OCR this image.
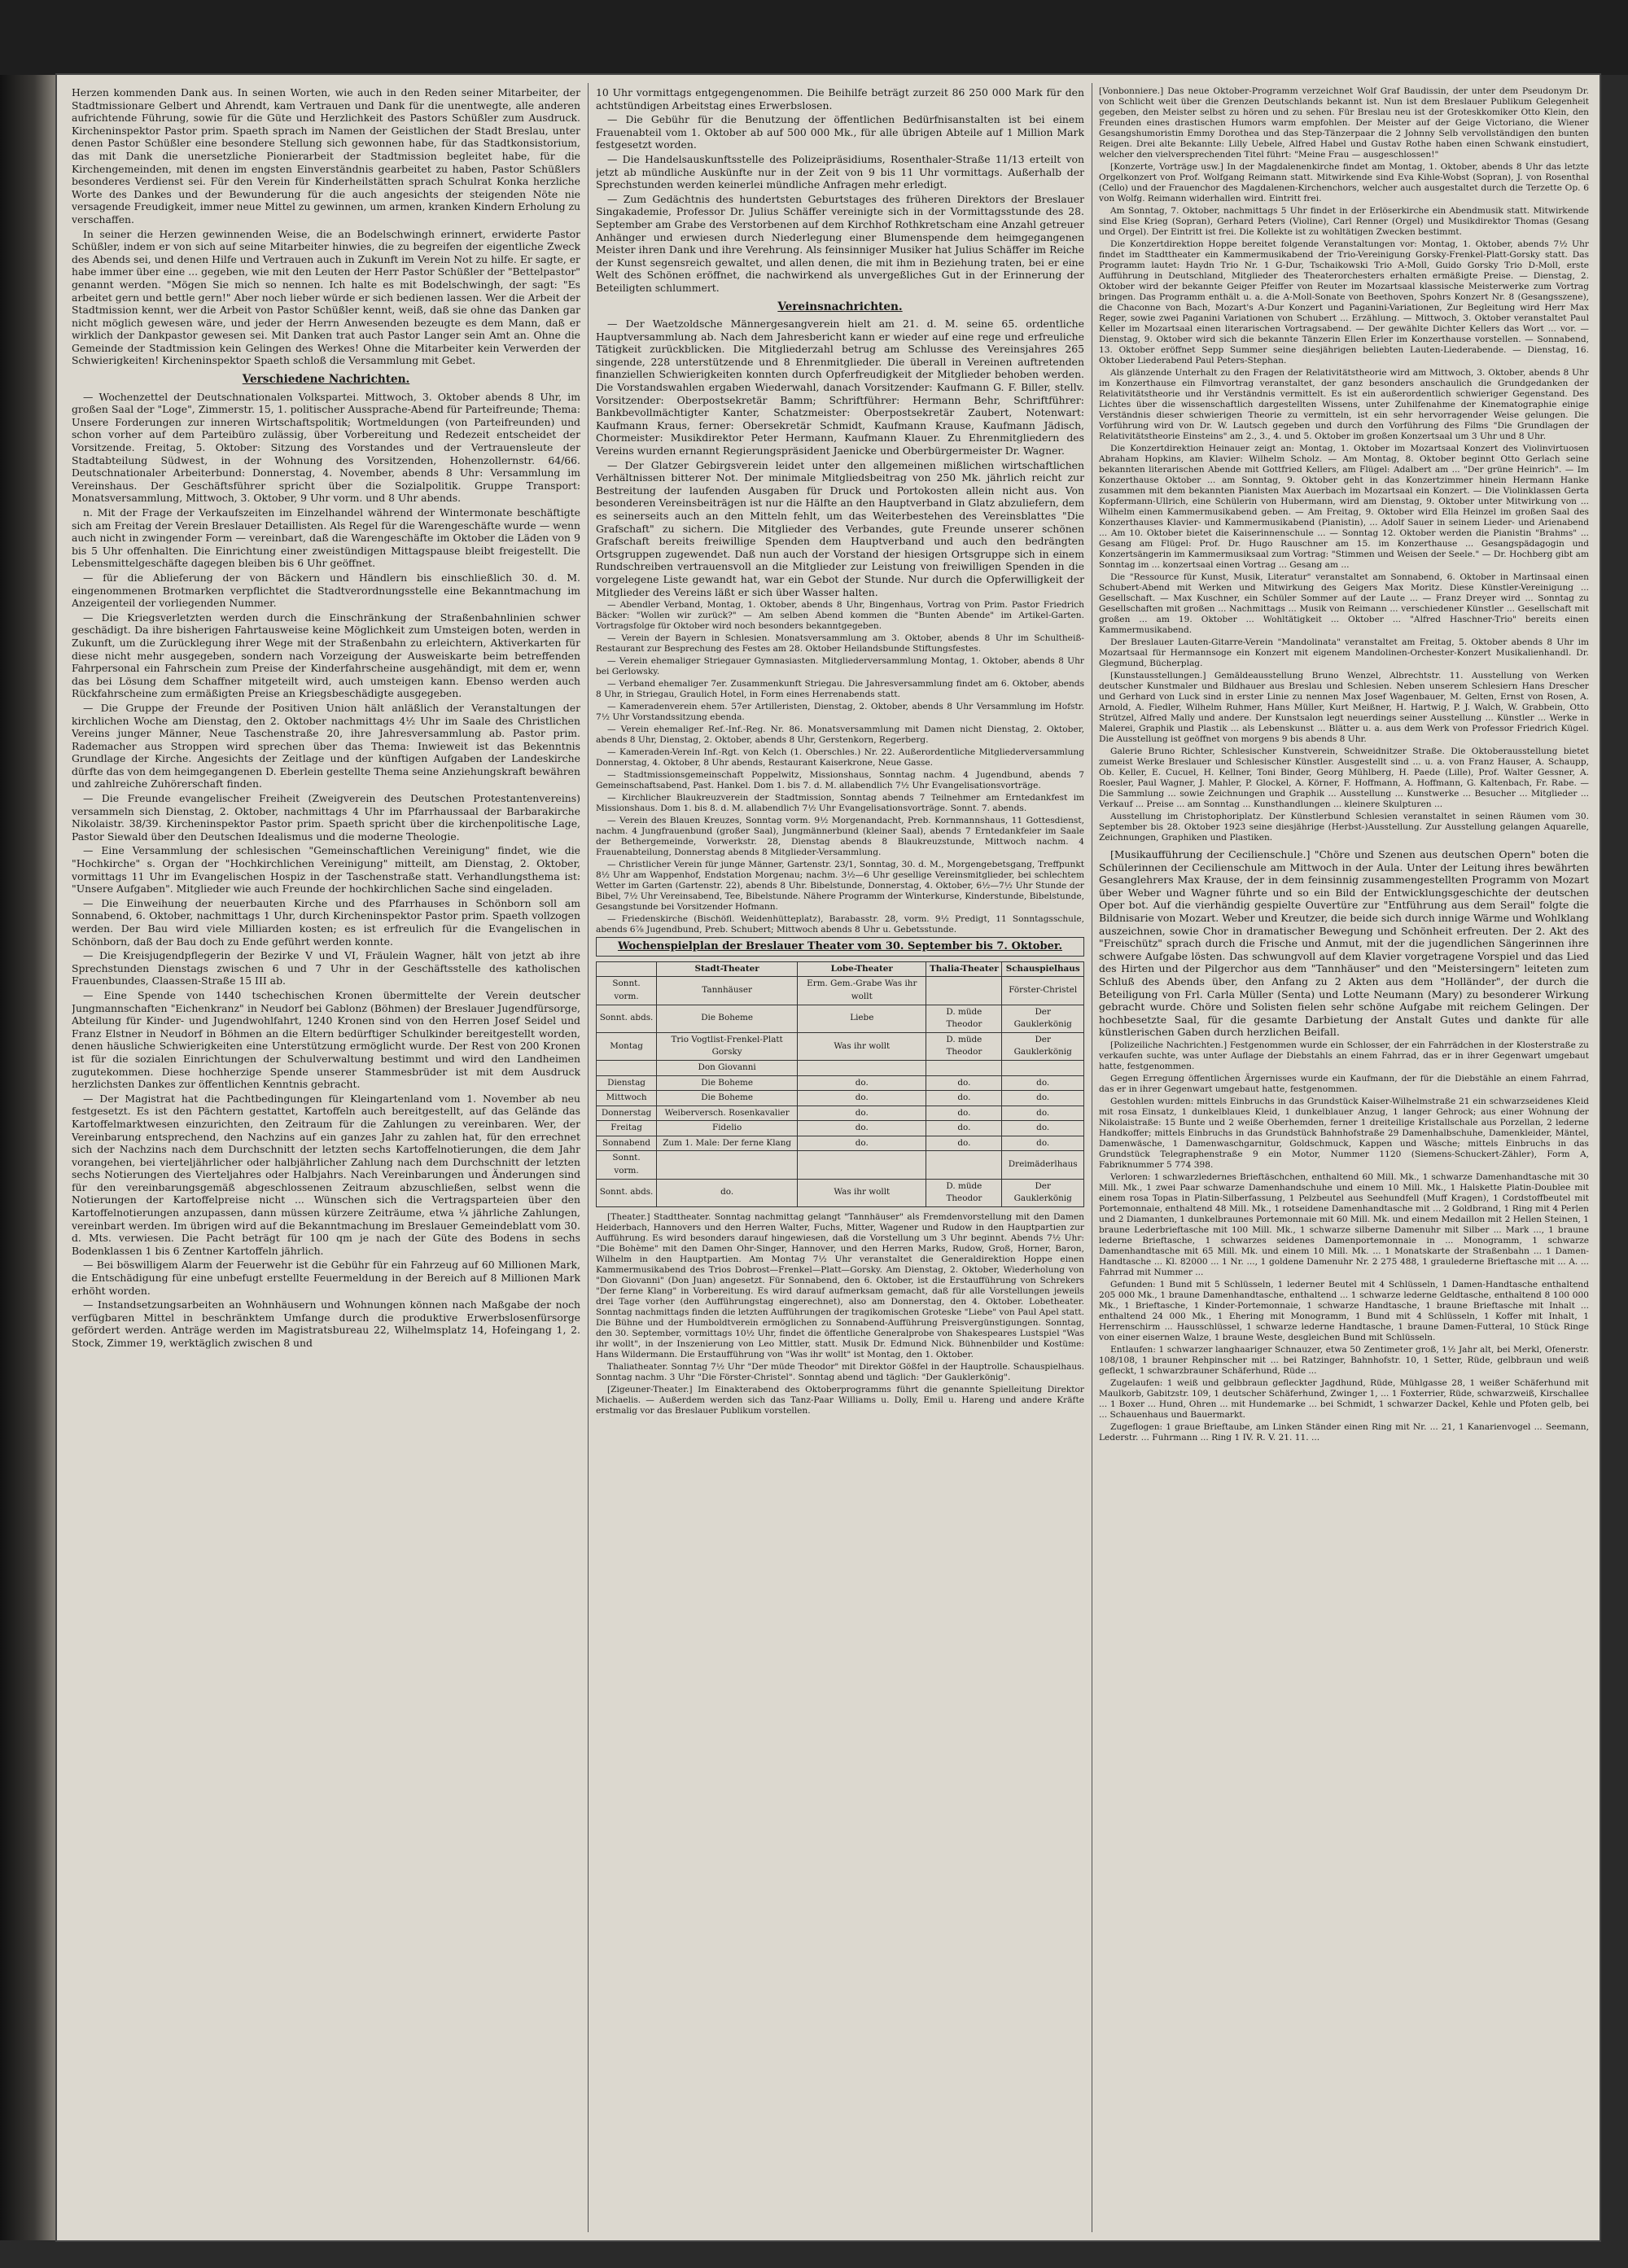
Herzen kommenden Dank aus. In seinen Worten, wie auch in den Reden seiner Mitarbeiter, der Stadtmissionare Gelbert und Ahrendt, kam Vertrauen und Dank für die unentwegte, alle anderen aufrichtende Führung, sowie für die Güte und Herzlichkeit des Pastors Schüßler zum Ausdruck. Kircheninspektor Pastor prim. Spaeth sprach im Namen der Geistlichen der Stadt Breslau, unter denen Pastor Schüßler eine besondere Stellung sich gewonnen habe, für das Stadtkonsistorium, das mit Dank die unersetzliche Pionierarbeit der Stadtmission begleitet habe, für die Kirchengemeinden, mit denen im engsten Einverständnis gearbeitet zu haben, Pastor Schüßlers besonderes Verdienst sei. Für den Verein für Kinderheilstätten sprach Schulrat Konka herzliche Worte des Dankes und der Bewunderung für die auch angesichts der steigenden Nöte nie versagende Freudigkeit, immer neue Mittel zu gewinnen, um armen, kranken Kindern Erholung zu verschaffen.

In seiner die Herzen gewinnenden Weise, die an Bodelschwingh erinnert, erwiderte Pastor Schüßler, indem er von sich auf seine Mitarbeiter hinwies, die zu begreifen der eigentliche Zweck des Abends sei, und denen Hilfe und Vertrauen auch in Zukunft im Verein Not zu hilfe. Er sagte, er habe immer über eine ... gegeben, wie mit den Leuten der Herr Pastor Schüßler der "Bettelpastor" genannt werden. "Mögen Sie mich so nennen. Ich halte es mit Bodelschwingh, der sagt: "Es arbeitet gern und bettle gern!" Aber noch lieber würde er sich bedienen lassen. Wer die Arbeit der Stadtmission kennt, wer die Arbeit von Pastor Schüßler kennt, weiß, daß sie ohne das Danken gar nicht möglich gewesen wäre, und jeder der Herrn Anwesenden bezeugte es dem Mann, daß er wirklich der Dankpastor gewesen sei. Mit Danken trat auch Pastor Langer sein Amt an. Ohne die Gemeinde der Stadtmission kein Gelingen des Werkes! Ohne die Mitarbeiter kein Verwerden der Schwierigkeiten! Kircheninspektor Spaeth schloß die Versammlung mit Gebet.

Verschiedene Nachrichten.

— Wochenzettel der Deutschnationalen Volkspartei. Mittwoch, 3. Oktober abends 8 Uhr, im großen Saal der "Loge", Zimmerstr. 15, 1. politischer Aussprache-Abend für Parteifreunde; Thema: Unsere Forderungen zur inneren Wirtschaftspolitik; Wortmeldungen (von Parteifreunden) und schon vorher auf dem Parteibüro zulässig, über Vorbereitung und Redezeit entscheidet der Vorsitzende. Freitag, 5. Oktober: Sitzung des Vorstandes und der Vertrauensleute der Stadtabteilung Südwest, in der Wohnung des Vorsitzenden, Hohenzollernstr. 64/66. Deutschnationaler Arbeiterbund: Donnerstag, 4. November, abends 8 Uhr: Versammlung im Vereinshaus. Der Geschäftsführer spricht über die Sozialpolitik. Gruppe Transport: Monatsversammlung, Mittwoch, 3. Oktober, 9 Uhr vorm. und 8 Uhr abends.

n. Mit der Frage der Verkaufszeiten im Einzelhandel während der Wintermonate beschäftigte sich am Freitag der Verein Breslauer Detaillisten. Als Regel für die Warengeschäfte wurde — wenn auch nicht in zwingender Form — vereinbart, daß die Warengeschäfte im Oktober die Läden von 9 bis 5 Uhr offenhalten. Die Einrichtung einer zweistündigen Mittagspause bleibt freigestellt. Die Lebensmittelgeschäfte dagegen bleiben bis 6 Uhr geöffnet.

— für die Ablieferung der von Bäckern und Händlern bis einschließlich 30. d. M. eingenommenen Brotmarken verpflichtet die Stadtverordnungsstelle eine Bekanntmachung im Anzeigenteil der vorliegenden Nummer.

— Die Kriegsverletzten werden durch die Einschränkung der Straßenbahnlinien schwer geschädigt. Da ihre bisherigen Fahrtausweise keine Möglichkeit zum Umsteigen boten, werden in Zukunft, um die Zurücklegung ihrer Wege mit der Straßenbahn zu erleichtern, Aktiverkarten für diese nicht mehr ausgegeben, sondern nach Vorzeigung der Ausweiskarte beim betreffenden Fahrpersonal ein Fahrschein zum Preise der Kinderfahrscheine ausgehändigt, mit dem er, wenn das bei Lösung dem Schaffner mitgeteilt wird, auch umsteigen kann. Ebenso werden auch Rückfahrscheine zum ermäßigten Preise an Kriegsbeschädigte ausgegeben.

— Die Gruppe der Freunde der Positiven Union hält anläßlich der Veranstaltungen der kirchlichen Woche am Dienstag, den 2. Oktober nachmittags 4½ Uhr im Saale des Christlichen Vereins junger Männer, Neue Taschenstraße 20, ihre Jahresversammlung ab. Pastor prim. Rademacher aus Stroppen wird sprechen über das Thema: Inwieweit ist das Bekenntnis Grundlage der Kirche. Angesichts der Zeitlage und der künftigen Aufgaben der Landeskirche dürfte das von dem heimgegangenen D. Eberlein gestellte Thema seine Anziehungskraft bewähren und zahlreiche Zuhörerschaft finden.

— Die Freunde evangelischer Freiheit (Zweigverein des Deutschen Protestantenvereins) versammeln sich Dienstag, 2. Oktober, nachmittags 4 Uhr im Pfarrhaussaal der Barbarakirche Nikolaistr. 38/39. Kircheninspektor Pastor prim. Spaeth spricht über die kirchenpolitische Lage, Pastor Siewald über den Deutschen Idealismus und die moderne Theologie.

— Eine Versammlung der schlesischen "Gemeinschaftlichen Vereinigung" findet, wie die "Hochkirche" s. Organ der "Hochkirchlichen Vereinigung" mitteilt, am Dienstag, 2. Oktober, vormittags 11 Uhr im Evangelischen Hospiz in der Taschenstraße statt. Verhandlungsthema ist: "Unsere Aufgaben". Mitglieder wie auch Freunde der hochkirchlichen Sache sind eingeladen.

— Die Einweihung der neuerbauten Kirche und des Pfarrhauses in Schönborn soll am Sonnabend, 6. Oktober, nachmittags 1 Uhr, durch Kircheninspektor Pastor prim. Spaeth vollzogen werden. Der Bau wird viele Milliarden kosten; es ist erfreulich für die Evangelischen in Schönborn, daß der Bau doch zu Ende geführt werden konnte.

— Die Kreisjugendpflegerin der Bezirke V und VI, Fräulein Wagner, hält von jetzt ab ihre Sprechstunden Dienstags zwischen 6 und 7 Uhr in der Geschäftsstelle des katholischen Frauenbundes, Claassen-Straße 15 III ab.

— Eine Spende von 1440 tschechischen Kronen übermittelte der Verein deutscher Jungmannschaften "Eichenkranz" in Neudorf bei Gablonz (Böhmen) der Breslauer Jugendfürsorge, Abteilung für Kinder- und Jugendwohlfahrt, 1240 Kronen sind von den Herren Josef Seidel und Franz Elstner in Neudorf in Böhmen an die Eltern bedürftiger Schulkinder bereitgestellt worden, denen häusliche Schwierigkeiten eine Unterstützung ermöglicht wurde. Der Rest von 200 Kronen ist für die sozialen Einrichtungen der Schulverwaltung bestimmt und wird den Landheimen zugutekommen. Diese hochherzige Spende unserer Stammesbrüder ist mit dem Ausdruck herzlichsten Dankes zur öffentlichen Kenntnis gebracht.

— Der Magistrat hat die Pachtbedingungen für Kleingartenland vom 1. November ab neu festgesetzt. Es ist den Pächtern gestattet, Kartoffeln auch bereitgestellt, auf das Gelände das Kartoffelmarktwesen einzurichten, den Zeitraum für die Zahlungen zu vereinbaren. Wer, der Vereinbarung entsprechend, den Nachzins auf ein ganzes Jahr zu zahlen hat, für den errechnet sich der Nachzins nach dem Durchschnitt der letzten sechs Kartoffelnotierungen, die dem Jahr vorangehen, bei vierteljährlicher oder halbjährlicher Zahlung nach dem Durchschnitt der letzten sechs Notierungen des Vierteljahres oder Halbjahrs. Nach Vereinbarungen und Änderungen sind für den vereinbarungsgemäß abgeschlossenen Zeitraum abzuschließen, selbst wenn die Notierungen der Kartoffelpreise nicht ... Wünschen sich die Vertragsparteien über den Kartoffelnotierungen anzupassen, dann müssen kürzere Zeiträume, etwa ¼ jährliche Zahlungen, vereinbart werden. Im übrigen wird auf die Bekanntmachung im Breslauer Gemeindeblatt vom 30. d. Mts. verwiesen. Die Pacht beträgt für 100 qm je nach der Güte des Bodens in sechs Bodenklassen 1 bis 6 Zentner Kartoffeln jährlich.

— Bei böswilligem Alarm der Feuerwehr ist die Gebühr für ein Fahrzeug auf 60 Millionen Mark, die Entschädigung für eine unbefugt erstellte Feuermeldung in der Bereich auf 8 Millionen Mark erhöht worden.

— Instandsetzungsarbeiten an Wohnhäusern und Wohnungen können nach Maßgabe der noch verfügbaren Mittel in beschränktem Umfange durch die produktive Erwerbslosenfürsorge gefördert werden. Anträge werden im Magistratsbureau 22, Wilhelmsplatz 14, Hofeingang 1, 2. Stock, Zimmer 19, werktäglich zwischen 8 und

10 Uhr vormittags entgegengenommen. Die Beihilfe beträgt zurzeit 86 250 000 Mark für den achtstündigen Arbeitstag eines Erwerbslosen.

— Die Gebühr für die Benutzung der öffentlichen Bedürfnisanstalten ist bei einem Frauenabteil vom 1. Oktober ab auf 500 000 Mk., für alle übrigen Abteile auf 1 Million Mark festgesetzt worden.

— Die Handelsauskunftsstelle des Polizeipräsidiums, Rosenthaler-Straße 11/13 erteilt von jetzt ab mündliche Auskünfte nur in der Zeit von 9 bis 11 Uhr vormittags. Außerhalb der Sprechstunden werden keinerlei mündliche Anfragen mehr erledigt.

— Zum Gedächtnis des hundertsten Geburtstages des früheren Direktors der Breslauer Singakademie, Professor Dr. Julius Schäffer vereinigte sich in der Vormittagsstunde des 28. September am Grabe des Verstorbenen auf dem Kirchhof Rothkretscham eine Anzahl getreuer Anhänger und erwiesen durch Niederlegung einer Blumenspende dem heimgegangenen Meister ihren Dank und ihre Verehrung. Als feinsinniger Musiker hat Julius Schäffer im Reiche der Kunst segensreich gewaltet, und allen denen, die mit ihm in Beziehung traten, bei er eine Welt des Schönen eröffnet, die nachwirkend als unvergeßliches Gut in der Erinnerung der Beteiligten schlummert.

Vereinsnachrichten.

— Der Waetzoldsche Männergesangverein hielt am 21. d. M. seine 65. ordentliche Hauptversammlung ab. Nach dem Jahresbericht kann er wieder auf eine rege und erfreuliche Tätigkeit zurückblicken. Die Mitgliederzahl betrug am Schlusse des Vereinsjahres 265 singende, 228 unterstützende und 8 Ehrenmitglieder. Die überall in Vereinen auftretenden finanziellen Schwierigkeiten konnten durch Opferfreudigkeit der Mitglieder behoben werden. Die Vorstandswahlen ergaben Wiederwahl, danach Vorsitzender: Kaufmann G. F. Biller, stellv. Vorsitzender: Oberpostsekretär Bamm; Schriftführer: Hermann Behr, Schriftführer: Bankbevollmächtigter Kanter, Schatzmeister: Oberpostsekretär Zaubert, Notenwart: Kaufmann Kraus, ferner: Obersekretär Schmidt, Kaufmann Krause, Kaufmann Jädisch, Chormeister: Musikdirektor Peter Hermann, Kaufmann Klauer. Zu Ehrenmitgliedern des Vereins wurden ernannt Regierungspräsident Jaenicke und Oberbürgermeister Dr. Wagner.

— Der Glatzer Gebirgsverein leidet unter den allgemeinen mißlichen wirtschaftlichen Verhältnissen bitterer Not. Der minimale Mitgliedsbeitrag von 250 Mk. jährlich reicht zur Bestreitung der laufenden Ausgaben für Druck und Portokosten allein nicht aus. Von besonderen Vereinsbeiträgen ist nur die Hälfte an den Hauptverband in Glatz abzuliefern, dem es seinerseits auch an den Mitteln fehlt, um das Weiterbestehen des Vereinsblattes "Die Grafschaft" zu sichern. Die Mitglieder des Verbandes, gute Freunde unserer schönen Grafschaft bereits freiwillige Spenden dem Hauptverband und auch den bedrängten Ortsgruppen zugewendet. Daß nun auch der Vorstand der hiesigen Ortsgruppe sich in einem Rundschreiben vertrauensvoll an die Mitglieder zur Leistung von freiwilligen Spenden in die vorgelegene Liste gewandt hat, war ein Gebot der Stunde. Nur durch die Opferwilligkeit der Mitglieder des Vereins läßt er sich über Wasser halten.

— Abendler Verband, Montag, 1. Oktober, abends 8 Uhr, Bingenhaus, Vortrag von Prim. Pastor Friedrich Bäcker: "Wollen wir zurück?" — Am selben Abend kommen die "Bunten Abende" im Artikel-Garten. Vortragsfolge für Oktober wird noch besonders bekanntgegeben.

— Verein der Bayern in Schlesien. Monatsversammlung am 3. Oktober, abends 8 Uhr im Schultheiß-Restaurant zur Besprechung des Festes am 28. Oktober Heilandsbunde Stiftungsfestes.

— Verein ehemaliger Striegauer Gymnasiasten. Mitgliederversammlung Montag, 1. Oktober, abends 8 Uhr bei Gerlowsky.

— Verband ehemaliger 7er. Zusammenkunft Striegau. Die Jahresversammlung findet am 6. Oktober, abends 8 Uhr, in Striegau, Graulich Hotel, in Form eines Herrenabends statt.

— Kameradenverein ehem. 57er Artilleristen, Dienstag, 2. Oktober, abends 8 Uhr Versammlung im Hofstr. 7½ Uhr Vorstandssitzung ebenda.

— Verein ehemaliger Ref.-Inf.-Reg. Nr. 86. Monatsversammlung mit Damen nicht Dienstag, 2. Oktober, abends 8 Uhr, Dienstag, 2. Oktober, abends 8 Uhr, Gerstenkorn, Regerberg.

— Kameraden-Verein Inf.-Rgt. von Kelch (1. Oberschles.) Nr. 22. Außerordentliche Mitgliederversammlung Donnerstag, 4. Oktober, 8 Uhr abends, Restaurant Kaiserkrone, Neue Gasse.

— Stadtmissionsgemeinschaft Poppelwitz, Missionshaus, Sonntag nachm. 4 Jugendbund, abends 7 Gemeinschaftsabend, Past. Hankel. Dom 1. bis 7. d. M. allabendlich 7½ Uhr Evangelisationsvorträge.

— Kirchlicher Blaukreuzverein der Stadtmission, Sonntag abends 7 Teilnehmer am Erntedankfest im Missionshaus. Dom 1. bis 8. d. M. allabendlich 7½ Uhr Evangelisationsvorträge. Sonnt. 7. abends.

— Verein des Blauen Kreuzes, Sonntag vorm. 9½ Morgenandacht, Preb. Kornmannshaus, 11 Gottesdienst, nachm. 4 Jungfrauenbund (großer Saal), Jungmännerbund (kleiner Saal), abends 7 Erntedankfeier im Saale der Bethergemeinde, Vorwerkstr. 28, Dienstag abends 8 Blaukreuzstunde, Mittwoch nachm. 4 Frauenabteilung, Donnerstag abends 8 Mitglieder-Versammlung.

— Christlicher Verein für junge Männer, Gartenstr. 23/1, Sonntag, 30. d. M., Morgengebetsgang, Treffpunkt 8½ Uhr am Wappenhof, Endstation Morgenau; nachm. 3½—6 Uhr gesellige Vereinsmitglieder, bei schlechtem Wetter im Garten (Gartenstr. 22), abends 8 Uhr. Bibelstunde, Donnerstag, 4. Oktober, 6½—7½ Uhr Stunde der Bibel, 7½ Uhr Vereinsabend, Tee, Bibelstunde. Nähere Programm der Winterkurse, Kinderstunde, Bibelstunde, Gesangstunde bei Vorsitzender Hofmann.

— Friedenskirche (Bischöfl. Weidenhütteplatz), Barabasstr. 28, vorm. 9½ Predigt, 11 Sonntagsschule, abends 6⅞ Jugendbund, Preb. Schubert; Mittwoch abends 8 Uhr u. Gebetsstunde.

Wochenspielplan der Breslauer Theater vom 30. September bis 7. Oktober.
	Stadt-Theater	Lobe-Theater	Thalia-Theater	Schauspielhaus
Sonnt. vorm.	Tannhäuser	Erm. Gem.-Grabe Was ihr wollt		Förster-Christel
Sonnt. abds.	Die Boheme	Liebe	D. müde Theodor	Der Gauklerkönig
Montag	Trio Vogtlist-Frenkel-Platt Gorsky	Was ihr wollt	D. müde Theodor	Der Gauklerkönig
	Don Giovanni			
Dienstag	Die Boheme	do.	do.	do.
Mittwoch	Die Boheme	do.	do.	do.
Donnerstag	Weiberversch. Rosenkavalier	do.	do.	do.
Freitag	Fidelio	do.	do.	do.
Sonnabend	Zum 1. Male: Der ferne Klang	do.	do.	do.
Sonnt. vorm.				Dreimäderlhaus
Sonnt. abds.	do.	Was ihr wollt	D. müde Theodor	Der Gauklerkönig

[Theater.] Stadttheater. Sonntag nachmittag gelangt "Tannhäuser" als Fremdenvorstellung mit den Damen Heiderbach, Hannovers und den Herren Walter, Fuchs, Mitter, Wagener und Rudow in den Hauptpartien zur Aufführung. Es wird besonders darauf hingewiesen, daß die Vorstellung um 3 Uhr beginnt. Abends 7½ Uhr: "Die Bohème" mit den Damen Ohr-Singer, Hannover, und den Herren Marks, Rudow, Groß, Horner, Baron, Wilhelm in den Hauptpartien. Am Montag 7½ Uhr veranstaltet die Generaldirektion Hoppe einen Kammermusikabend des Trios Dobrost—Frenkel—Platt—Gorsky. Am Dienstag, 2. Oktober, Wiederholung von "Don Giovanni" (Don Juan) angesetzt. Für Sonnabend, den 6. Oktober, ist die Erstaufführung von Schrekers "Der ferne Klang" in Vorbereitung. Es wird darauf aufmerksam gemacht, daß für alle Vorstellungen jeweils drei Tage vorher (den Aufführungstag eingerechnet), also am Donnerstag, den 4. Oktober. Lobetheater. Sonntag nachmittags finden die letzten Aufführungen der tragikomischen Groteske "Liebe" von Paul Apel statt. Die Bühne und der Humboldtverein ermöglichen zu Sonnabend-Aufführung Preisvergünstigungen. Sonntag, den 30. September, vormittags 10½ Uhr, findet die öffentliche Generalprobe von Shakespeares Lustspiel "Was ihr wollt", in der Inszenierung von Leo Mittler, statt. Musik Dr. Edmund Nick. Bühnenbilder und Kostüme: Hans Wildermann. Die Erstaufführung von "Was ihr wollt" ist Montag, den 1. Oktober.

Thaliatheater. Sonntag 7½ Uhr "Der müde Theodor" mit Direktor Gößfel in der Hauptrolle. Schauspielhaus. Sonntag nachm. 3 Uhr "Die Förster-Christel". Sonntag abend und täglich: "Der Gauklerkönig".

[Zigeuner-Theater.] Im Einakterabend des Oktoberprogramms führt die genannte Spielleitung Direktor Michaelis. — Außerdem werden sich das Tanz-Paar Williams u. Dolly, Emil u. Hareng und andere Kräfte erstmalig vor das Breslauer Publikum vorstellen.

[Vonbonniere.] Das neue Oktober-Programm verzeichnet Wolf Graf Baudissin, der unter dem Pseudonym Dr. von Schlicht weit über die Grenzen Deutschlands bekannt ist. Nun ist dem Breslauer Publikum Gelegenheit gegeben, den Meister selbst zu hören und zu sehen. Für Breslau neu ist der Groteskkomiker Otto Klein, den Freunden eines drastischen Humors warm empfohlen. Der Meister auf der Geige Victoriano, die Wiener Gesangshumoristin Emmy Dorothea und das Step-Tänzerpaar die 2 Johnny Selb vervollständigen den bunten Reigen. Drei alte Bekannte: Lilly Uebele, Alfred Habel und Gustav Rothe haben einen Schwank einstudiert, welcher den vielversprechenden Titel führt: "Meine Frau — ausgeschlossen!"

[Konzerte, Vorträge usw.] In der Magdalenenkirche findet am Montag, 1. Oktober, abends 8 Uhr das letzte Orgelkonzert von Prof. Wolfgang Reimann statt. Mitwirkende sind Eva Kihle-Wobst (Sopran), J. von Rosenthal (Cello) und der Frauenchor des Magdalenen-Kirchenchors, welcher auch ausgestaltet durch die Terzette Op. 6 von Wolfg. Reimann widerhallen wird. Eintritt frei.

Am Sonntag, 7. Oktober, nachmittags 5 Uhr findet in der Erlöserkirche ein Abendmusik statt. Mitwirkende sind Else Krieg (Sopran), Gerhard Peters (Violine), Carl Renner (Orgel) und Musikdirektor Thomas (Gesang und Orgel). Der Eintritt ist frei. Die Kollekte ist zu wohltätigen Zwecken bestimmt.

Die Konzertdirektion Hoppe bereitet folgende Veranstaltungen vor: Montag, 1. Oktober, abends 7½ Uhr findet im Stadttheater ein Kammermusikabend der Trio-Vereinigung Gorsky-Frenkel-Platt-Gorsky statt. Das Programm lautet: Haydn Trio Nr. 1 G-Dur, Tschaikowski Trio A-Moll, Guido Gorsky Trio D-Moll, erste Aufführung in Deutschland, Mitglieder des Theaterorchesters erhalten ermäßigte Preise. — Dienstag, 2. Oktober wird der bekannte Geiger Pfeiffer von Reuter im Mozartsaal klassische Meisterwerke zum Vortrag bringen. Das Programm enthält u. a. die A-Moll-Sonate von Beethoven, Spohrs Konzert Nr. 8 (Gesangsszene), die Chaconne von Bach, Mozart's A-Dur Konzert und Paganini-Variationen, Zur Begleitung wird Herr Max Reger, sowie zwei Paganini Variationen von Schubert ... Erzählung. — Mittwoch, 3. Oktober veranstaltet Paul Keller im Mozartsaal einen literarischen Vortragsabend. — Der gewählte Dichter Kellers das Wort ... vor. — Dienstag, 9. Oktober wird sich die bekannte Tänzerin Ellen Erler im Konzerthause vorstellen. — Sonnabend, 13. Oktober eröffnet Sepp Summer seine diesjährigen beliebten Lauten-Liederabende. — Dienstag, 16. Oktober Liederabend Paul Peters-Stephan.

Als glänzende Unterhalt zu den Fragen der Relativitätstheorie wird am Mittwoch, 3. Oktober, abends 8 Uhr im Konzerthause ein Filmvortrag veranstaltet, der ganz besonders anschaulich die Grundgedanken der Relativitätstheorie und ihr Verständnis vermittelt. Es ist ein außerordentlich schwieriger Gegenstand. Des Lichtes über die wissenschaftlich dargestellten Wissens, unter Zuhilfenahme der Kinematographie einige Verständnis dieser schwierigen Theorie zu vermitteln, ist ein sehr hervorragender Weise gelungen. Die Vorführung wird von Dr. W. Lautsch gegeben und durch den Vorführung des Films "Die Grundlagen der Relativitätstheorie Einsteins" am 2., 3., 4. und 5. Oktober im großen Konzertsaal um 3 Uhr und 8 Uhr.

Die Konzertdirektion Heinauer zeigt an: Montag, 1. Oktober im Mozartsaal Konzert des Violinvirtuosen Abraham Hopkins, am Klavier: Wilhelm Scholz. — Am Montag, 8. Oktober beginnt Otto Gerlach seine bekannten literarischen Abende mit Gottfried Kellers, am Flügel: Adalbert am ... "Der grüne Heinrich". — Im Konzerthause Oktober ... am Sonntag, 9. Oktober geht in das Konzertzimmer hinein Hermann Hanke zusammen mit dem bekannten Pianisten Max Auerbach im Mozartsaal ein Konzert. — Die Violinklassen Gerta Kopfermann-Ullrich, eine Schülerin von Hubermann, wird am Dienstag, 9. Oktober unter Mitwirkung von ... Wilhelm einen Kammermusikabend geben. — Am Freitag, 9. Oktober wird Ella Heinzel im großen Saal des Konzerthauses Klavier- und Kammermusikabend (Pianistin), ... Adolf Sauer in seinem Lieder- und Arienabend ... Am 10. Oktober bietet die Kaiserinnenschule ... — Sonntag 12. Oktober werden die Pianistin "Brahms" ... Gesang am Flügel: Prof. Dr. Hugo Rauschner am 15. im Konzerthause ... Gesangspädagogin und Konzertsängerin im Kammermusiksaal zum Vortrag: "Stimmen und Weisen der Seele." — Dr. Hochberg gibt am Sonntag im ... konzertsaal einen Vortrag ... Gesang am ...

Die "Ressource für Kunst, Musik, Literatur" veranstaltet am Sonnabend, 6. Oktober in Martinsaal einen Schubert-Abend mit Werken und Mitwirkung des Geigers Max Moritz. Diese Künstler-Vereinigung ... Gesellschaft. — Max Kuschner, ein Schüler Sommer auf der Laute ... — Franz Dreyer wird ... Sonntag zu Gesellschaften mit großen ... Nachmittags ... Musik von Reimann ... verschiedener Künstler ... Gesellschaft mit großen ... am 19. Oktober ... Wohltätigkeit ... Oktober ... "Alfred Haschner-Trio" bereits einen Kammermusikabend.

Der Breslauer Lauten-Gitarre-Verein "Mandolinata" veranstaltet am Freitag, 5. Oktober abends 8 Uhr im Mozartsaal für Hermannsoge ein Konzert mit eigenem Mandolinen-Orchester-Konzert Musikalienhandl. Dr. Glegmund, Bücherplag.

[Kunstausstellungen.] Gemäldeausstellung Bruno Wenzel, Albrechtstr. 11. Ausstellung von Werken deutscher Kunstmaler und Bildhauer aus Breslau und Schlesien. Neben unserem Schlesiern Hans Drescher und Gerhard von Luck sind in erster Linie zu nennen Max Josef Wagenbauer, M. Gelten, Ernst von Rosen, A. Arnold, A. Fiedler, Wilhelm Ruhmer, Hans Müller, Kurt Meißner, H. Hartwig, P. J. Walch, W. Grabbein, Otto Strützel, Alfred Mally und andere. Der Kunstsalon legt neuerdings seiner Ausstellung ... Künstler ... Werke in Malerei, Graphik und Plastik ... als Lebenskunst ... Blätter u. a. aus dem Werk von Professor Friedrich Kügel. Die Ausstellung ist geöffnet von morgens 9 bis abends 8 Uhr.

Galerie Bruno Richter, Schlesischer Kunstverein, Schweidnitzer Straße. Die Oktoberausstellung bietet zumeist Werke Breslauer und Schlesischer Künstler. Ausgestellt sind ... u. a. von Franz Hauser, A. Schaupp, Ob. Keller, E. Cucuel, H. Kellner, Toni Binder, Georg Mühlberg, H. Paede (Lille), Prof. Walter Gessner, A. Roesler, Paul Wagner, J. Mahler, P. Glockel, A. Körner, F. Hoffmann, A. Hoffmann, G. Kaltenbach, Fr. Rabe. — Die Sammlung ... sowie Zeichnungen und Graphik ... Ausstellung ... Kunstwerke ... Besucher ... Mitglieder ... Verkauf ... Preise ... am Sonntag ... Kunsthandlungen ... kleinere Skulpturen ...

Ausstellung im Christophoriplatz. Der Künstlerbund Schlesien veranstaltet in seinen Räumen vom 30. September bis 28. Oktober 1923 seine diesjährige (Herbst-)Ausstellung. Zur Ausstellung gelangen Aquarelle, Zeichnungen, Graphiken und Plastiken.

[Musikaufführung der Cecilienschule.] "Chöre und Szenen aus deutschen Opern" boten die Schülerinnen der Cecilienschule am Mittwoch in der Aula. Unter der Leitung ihres bewährten Gesanglehrers Max Krause, der in dem feinsinnig zusammengestellten Programm von Mozart über Weber und Wagner führte und so ein Bild der Entwicklungsgeschichte der deutschen Oper bot. Auf die vierhändig gespielte Ouvertüre zur "Entführung aus dem Serail" folgte die Bildnisarie von Mozart. Weber und Kreutzer, die beide sich durch innige Wärme und Wohlklang auszeichnen, sowie Chor in dramatischer Bewegung und Schönheit erfreuten. Der 2. Akt des "Freischütz" sprach durch die Frische und Anmut, mit der die jugendlichen Sängerinnen ihre schwere Aufgabe lösten. Das schwungvoll auf dem Klavier vorgetragene Vorspiel und das Lied des Hirten und der Pilgerchor aus dem "Tannhäuser" und den "Meistersingern" leiteten zum Schluß des Abends über, den Anfang zu 2 Akten aus dem "Holländer", der durch die Beteiligung von Frl. Carla Müller (Senta) und Lotte Neumann (Mary) zu besonderer Wirkung gebracht wurde. Chöre und Solisten fielen sehr schöne Aufgabe mit reichem Gelingen. Der hochbesetzte Saal, für die gesamte Darbietung der Anstalt Gutes und dankte für alle künstlerischen Gaben durch herzlichen Beifall.

[Polizeiliche Nachrichten.] Festgenommen wurde ein Schlosser, der ein Fahrrädchen in der Klosterstraße zu verkaufen suchte, was unter Auflage der Diebstahls an einem Fahrrad, das er in ihrer Gegenwart umgebaut hatte, festgenommen.

Gegen Erregung öffentlichen Ärgernisses wurde ein Kaufmann, der für die Diebstähle an einem Fahrrad, das er in ihrer Gegenwart umgebaut hatte, festgenommen.

Gestohlen wurden: mittels Einbruchs in das Grundstück Kaiser-Wilhelmstraße 21 ein schwarzseidenes Kleid mit rosa Einsatz, 1 dunkelblaues Kleid, 1 dunkelblauer Anzug, 1 langer Gehrock; aus einer Wohnung der Nikolaistraße: 15 Bunte und 2 weiße Oberhemden, ferner 1 dreiteilige Kristallschale aus Porzellan, 2 lederne Handkoffer; mittels Einbruchs in das Grundstück Bahnhofstraße 29 Damenhalbschuhe, Damenkleider, Mäntel, Damenwäsche, 1 Damenwaschgarnitur, Goldschmuck, Kappen und Wäsche; mittels Einbruchs in das Grundstück Telegraphenstraße 9 ein Motor, Nummer 1120 (Siemens-Schuckert-Zähler), Form A, Fabriknummer 5 774 398.

Verloren: 1 schwarzledernes Brieftäschchen, enthaltend 60 Mill. Mk., 1 schwarze Damenhandtasche mit 30 Mill. Mk., 1 zwei Paar schwarze Damenhandschuhe und einem 10 Mill. Mk., 1 Halskette Platin-Doublee mit einem rosa Topas in Platin-Silberfassung, 1 Pelzbeutel aus Seehundfell (Muff Kragen), 1 Cordstoffbeutel mit Portemonnaie, enthaltend 48 Mill. Mk., 1 rotseidene Damenhandtasche mit ... 2 Goldbrand, 1 Ring mit 4 Perlen und 2 Diamanten, 1 dunkelbraunes Portemonnaie mit 60 Mill. Mk. und einem Medaillon mit 2 Hellen Steinen, 1 braune Lederbrieftasche mit 100 Mill. Mk., 1 schwarze silberne Damenuhr mit Silber ... Mark ..., 1 braune lederne Brieftasche, 1 schwarzes seidenes Damenportemonnaie in ... Monogramm, 1 schwarze Damenhandtasche mit 65 Mill. Mk. und einem 10 Mill. Mk. ... 1 Monatskarte der Straßenbahn ... 1 Damen-Handtasche ... Kl. 82000 ... 1 Nr. ..., 1 goldene Damenuhr Nr. 2 275 488, 1 graulederne Brieftasche mit ... A. ... Fahrrad mit Nummer ...

Gefunden: 1 Bund mit 5 Schlüsseln, 1 lederner Beutel mit 4 Schlüsseln, 1 Damen-Handtasche enthaltend 205 000 Mk., 1 braune Damenhandtasche, enthaltend ... 1 schwarze lederne Geldtasche, enthaltend 8 100 000 Mk., 1 Brieftasche, 1 Kinder-Portemonnaie, 1 schwarze Handtasche, 1 braune Brieftasche mit Inhalt ... enthaltend 24 000 Mk., 1 Ehering mit Monogramm, 1 Bund mit 4 Schlüsseln, 1 Koffer mit Inhalt, 1 Herrenschirm ... Hausschlüssel, 1 schwarze lederne Handtasche, 1 braune Damen-Futteral, 10 Stück Ringe von einer eisernen Walze, 1 braune Weste, desgleichen Bund mit Schlüsseln.

Entlaufen: 1 schwarzer langhaariger Schnauzer, etwa 50 Zentimeter groß, 1½ Jahr alt, bei Merkl, Ofenerstr. 108/108, 1 brauner Rehpinscher mit ... bei Ratzinger, Bahnhofstr. 10, 1 Setter, Rüde, gelbbraun und weiß gefleckt, 1 schwarzbrauner Schäferhund, Rüde ...

Zugelaufen: 1 weiß und gelbbraun gefleckter Jagdhund, Rüde, Mühlgasse 28, 1 weißer Schäferhund mit Maulkorb, Gabitzstr. 109, 1 deutscher Schäferhund, Zwinger 1, ... 1 Foxterrier, Rüde, schwarzweiß, Kirschallee ... 1 Boxer ... Hund, Ohren ... mit Hundemarke ... bei Schmidt, 1 schwarzer Dackel, Kehle und Pfoten gelb, bei ... Schauenhaus und Bauermarkt.

Zugeflogen: 1 graue Brieftaube, am Linken Ständer einen Ring mit Nr. ... 21, 1 Kanarienvogel ... Seemann, Lederstr. ... Fuhrmann ... Ring 1 IV. R. V. 21. 11. ...
